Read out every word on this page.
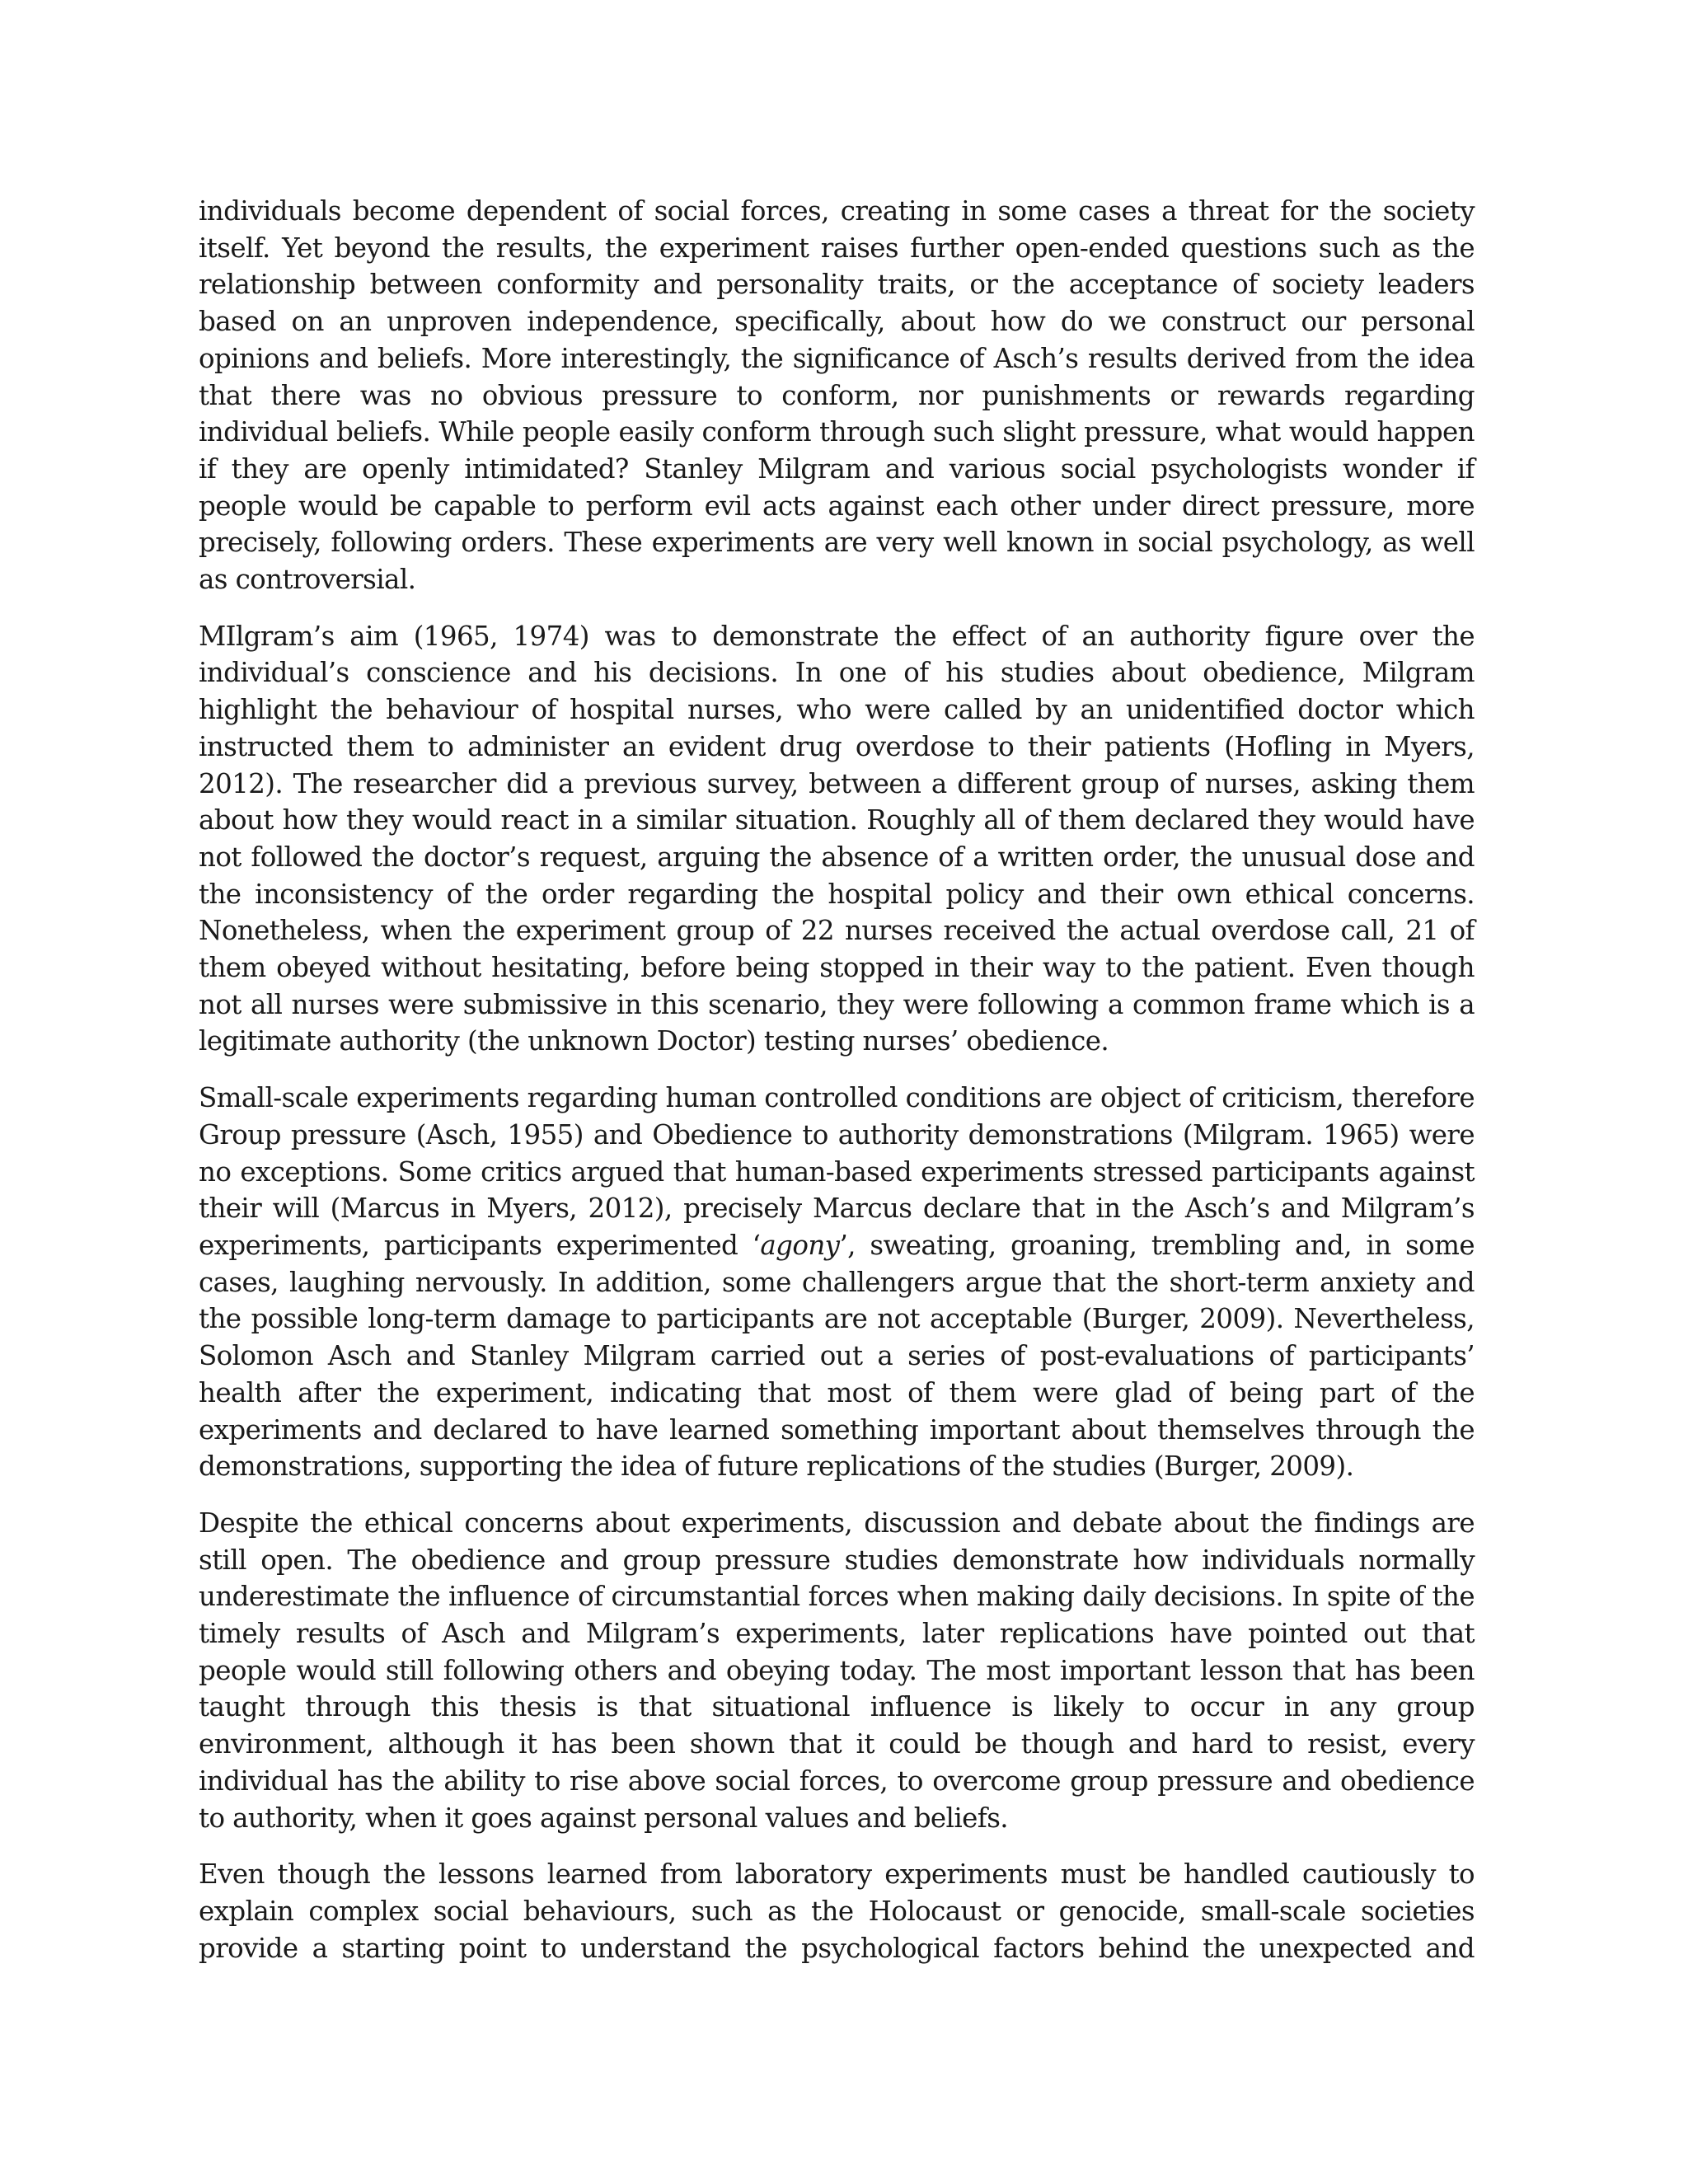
individuals become dependent of social forces, creating in some cases a threat for the society itself. Yet beyond the results, the experiment raises further open-ended questions such as the relationship between conformity and personality traits, or the acceptance of society leaders based on an unproven independence, specifically, about how do we construct our personal opinions and beliefs. More interestingly, the significance of Asch’s results derived from the idea that there was no obvious pressure to conform, nor punishments or rewards regarding individual beliefs. While people easily conform through such slight pressure, what would happen if they are openly intimidated? Stanley Milgram and various social psychologists wonder if people would be capable to perform evil acts against each other under direct pressure, more precisely, following orders. These experiments are very well known in social psychology, as well as controversial.

MIlgram’s aim (1965, 1974) was to demonstrate the effect of an authority figure over the individual’s conscience and his decisions. In one of his studies about obedience, Milgram highlight the behaviour of hospital nurses, who were called by an unidentified doctor which instructed them to administer an evident drug overdose to their patients (Hofling in Myers, 2012). The researcher did a previous survey, between a different group of nurses, asking them about how they would react in a similar situation. Roughly all of them declared they would have not followed the doctor’s request, arguing the absence of a written order, the unusual dose and the inconsistency of the order regarding the hospital policy and their own ethical concerns. Nonetheless, when the experiment group of 22 nurses received the actual overdose call, 21 of them obeyed without hesitating, before being stopped in their way to the patient. Even though not all nurses were submissive in this scenario, they were following a common frame which is a legitimate authority (the unknown Doctor) testing nurses’ obedience.

Small-scale experiments regarding human controlled conditions are object of criticism, therefore Group pressure (Asch, 1955) and Obedience to authority demonstrations (Milgram. 1965) were no exceptions. Some critics argued that human-based experiments stressed participants against their will (Marcus in Myers, 2012), precisely Marcus declare that in the Asch’s and Milgram’s experiments, participants experimented ‘agony’, sweating, groaning, trembling and, in some cases, laughing nervously. In addition, some challengers argue that the short-term anxiety and the possible long-term damage to participants are not acceptable (Burger, 2009). Nevertheless, Solomon Asch and Stanley Milgram carried out a series of post-evaluations of participants’ health after the experiment, indicating that most of them were glad of being part of the experiments and declared to have learned something important about themselves through the demonstrations, supporting the idea of future replications of the studies (Burger, 2009).

Despite the ethical concerns about experiments, discussion and debate about the findings are still open. The obedience and group pressure studies demonstrate how individuals normally underestimate the influence of circumstantial forces when making daily decisions. In spite of the timely results of Asch and Milgram’s experiments, later replications have pointed out that people would still following others and obeying today. The most important lesson that has been taught through this thesis is that situational influence is likely to occur in any group environment, although it has been shown that it could be though and hard to resist, every individual has the ability to rise above social forces, to overcome group pressure and obedience to authority, when it goes against personal values and beliefs.

Even though the lessons learned from laboratory experiments must be handled cautiously to explain complex social behaviours, such as the Holocaust or genocide, small-scale societies provide a starting point to understand the psychological factors behind the unexpected and
